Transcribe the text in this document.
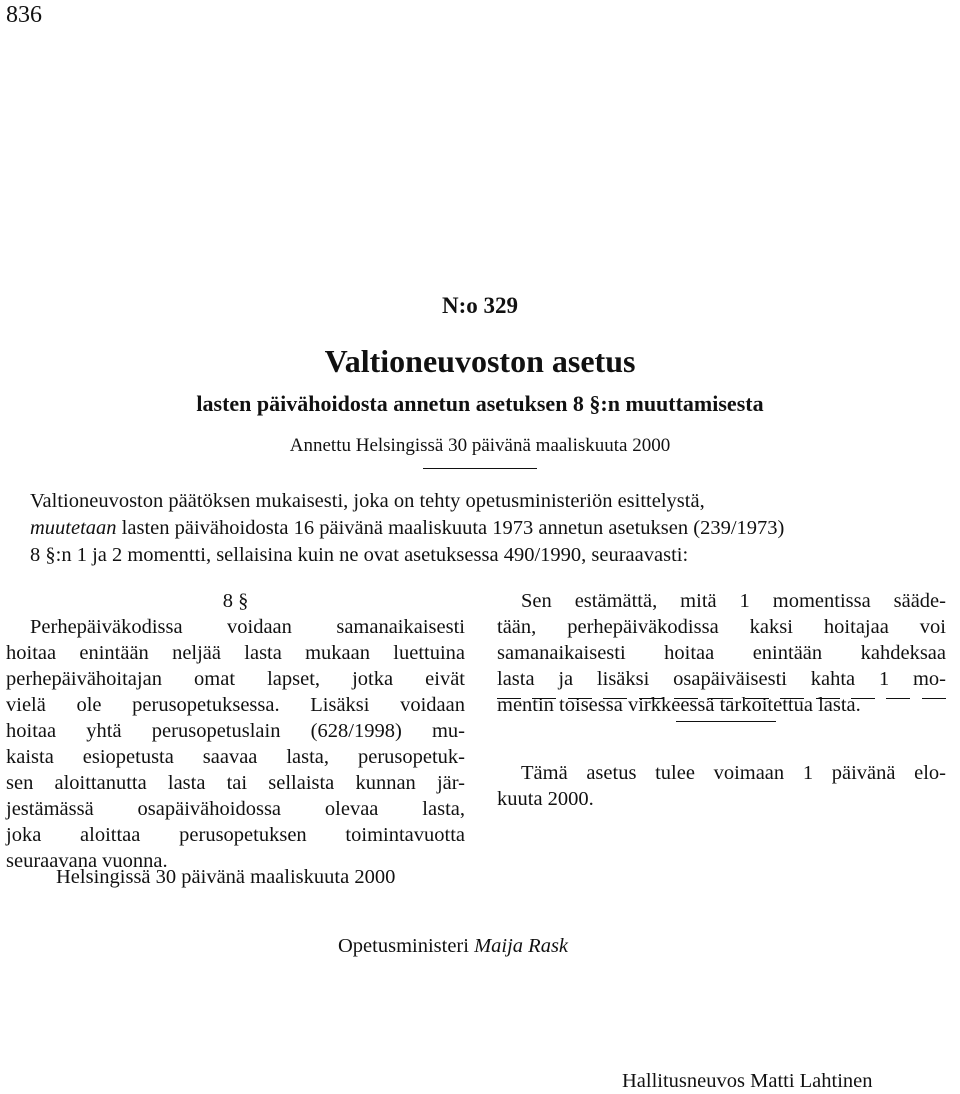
836
N:o 329
Valtioneuvoston asetus
lasten päivähoidosta annetun asetuksen 8 §:n muuttamisesta
Annettu Helsingissä 30 päivänä maaliskuuta 2000
Valtioneuvoston päätöksen mukaisesti, joka on tehty opetusministeriön esittelystä,
muutetaan lasten päivähoidosta 16 päivänä maaliskuuta 1973 annetun asetuksen (239/1973)
8 §:n 1 ja 2 momentti, sellaisina kuin ne ovat asetuksessa 490/1990, seuraavasti:
8 §
Perhepäiväkodissa voidaan samanaikaisesti
hoitaa enintään neljää lasta mukaan luettuina
perhepäivähoitajan omat lapset, jotka eivät
vielä ole perusopetuksessa. Lisäksi voidaan
hoitaa yhtä perusopetuslain (628/1998) mu-
kaista esiopetusta saavaa lasta, perusopetuk-
sen aloittanutta lasta tai sellaista kunnan jär-
jestämässä osapäivähoidossa olevaa lasta,
joka aloittaa perusopetuksen toimintavuotta
seuraavana vuonna.
Sen estämättä, mitä 1 momentissa sääde-
tään, perhepäiväkodissa kaksi hoitajaa voi
samanaikaisesti hoitaa enintään kahdeksaa
lasta ja lisäksi osapäiväisesti kahta 1 mo-
mentin toisessa virkkeessä tarkoitettua lasta.
Tämä asetus tulee voimaan 1 päivänä elo-
kuuta 2000.
Helsingissä 30 päivänä maaliskuuta 2000
Opetusministeri Maija Rask
Hallitusneuvos Matti Lahtinen
